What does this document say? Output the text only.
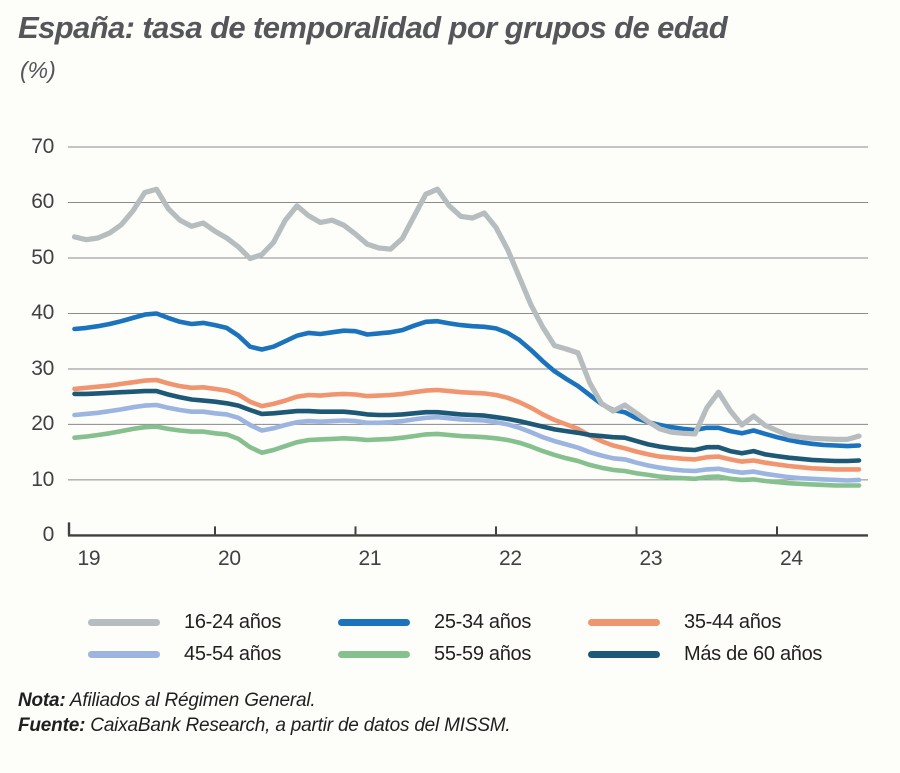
España: tasa de temporalidad por grupos de edad
(%)
0
10
20
30
40
50
60
70
19	20	21	22	23	24
16-24 años	25-34 años	35-44 años
45-54 años	55-59 años	Más de 60 años
Nota: Afiliados al Régimen General.
Fuente: CaixaBank Research, a partir de datos del MISSM.
